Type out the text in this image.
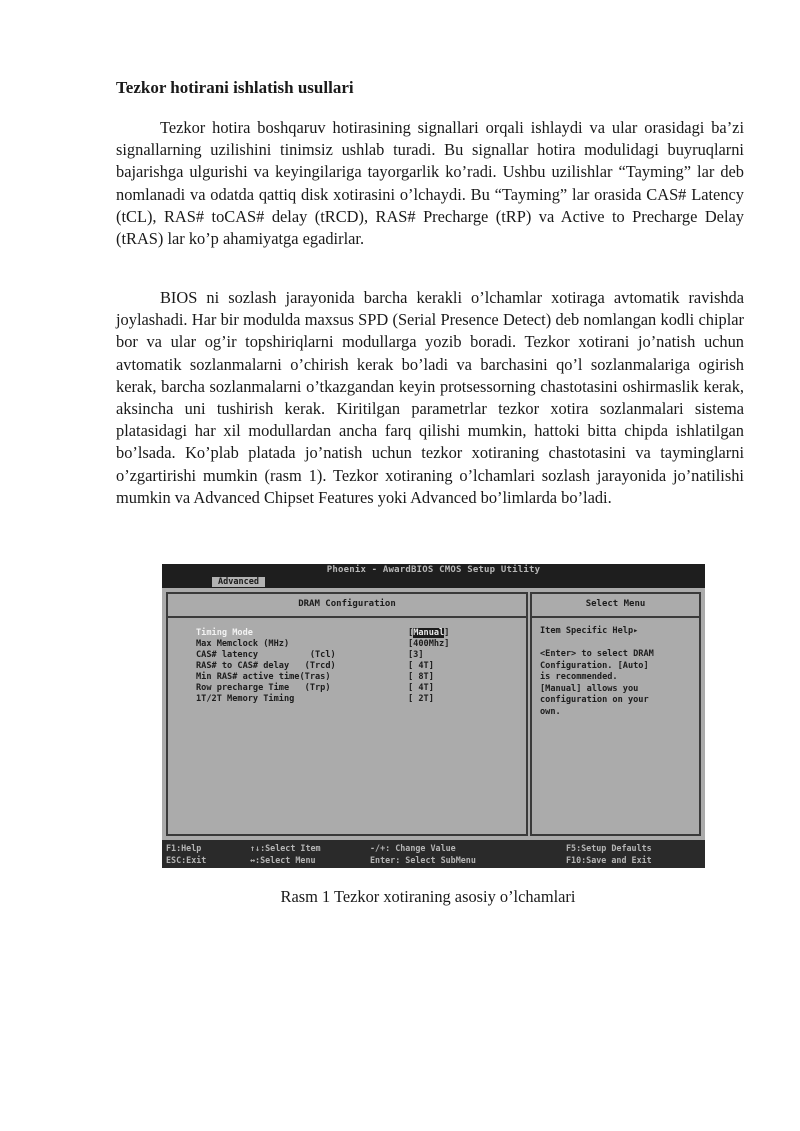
Tezkor hotiranі ishlatish usullari

Tezkor hotira boshqaruv hotirasining signallari orqali ishlaydi va ular orasidagi ba’zi signallarning uzilishini tinimsiz ushlab turadi. Bu signallar hotira modulidagi buyruqlarni bajarishga ulgurishi va keyingilariga tayorgarlik ko’radi. Ushbu uzilishlar “Tayming” lar deb nomlanadi va odatda qattiq disk xotirasini o’lchaydi. Bu “Tayming” lar orasida CAS# Latency (tCL), RAS# toCAS# delay (tRCD), RAS# Precharge (tRP) va Active to Precharge Delay (tRAS) lar ko’p ahamiyatga egadirlar.

BIOS ni sozlash jarayonida barcha kerakli o’lchamlar xotiraga avtomatik ravishda joylashadi. Har bir modulda maxsus SPD (Serial Presence Detect) deb nomlangan kodli chiplar bor va ular og’ir topshiriqlarni modullarga yozib boradi. Tezkor xotirani jo’natish uchun avtomatik sozlanmalarni o’chirish kerak bo’ladi va barchasini qo’l sozlanmalariga ogirish kerak, barcha sozlanmalarni o’tkazgandan keyin protsessorning chastotasini oshirmaslik kerak, aksincha uni tushirish kerak. Kiritilgan parametrlar tezkor xotira sozlanmalari sistema platasidagi har xil modullardan ancha farq qilishi mumkin, hattoki bitta chipda ishlatilgan bo’lsada. Ko’plab platada jo’natish uchun tezkor xotiraning chastotasini va tayminglarni o’zgartirishi mumkin (rasm 1). Tezkor xotiraning o’lchamlari sozlash jarayonida jo’natilishi mumkin va Advanced Chipset Features yoki Advanced bo’limlarda bo’ladi.

Phoenix - AwardBIOS CMOS Setup Utility
Advanced
DRAM Configuration
Timing Mode	[Manual]
Max Memclock (MHz)	[400Mhz]
CAS# latency          (Tcl)	[3]
RAS# to CAS# delay   (Trcd)	[ 4T]
Min RAS# active time(Tras)	[ 8T]
Row precharge Time   (Trp)	[ 4T]
1T/2T Memory Timing	[ 2T]
Select Menu
Item Specific Help▸
<Enter> to select DRAM
Configuration. [Auto]
is recommended.
[Manual] allows you
configuration on your
own.
F1:Help
ESC:Exit
↑↓:Select Item
↔:Select Menu
-/+: Change Value
Enter: Select SubMenu
F5:Setup Defaults
F10:Save and Exit
Rasm 1 Tezkor xotiraning asosiy o’lchamlari
